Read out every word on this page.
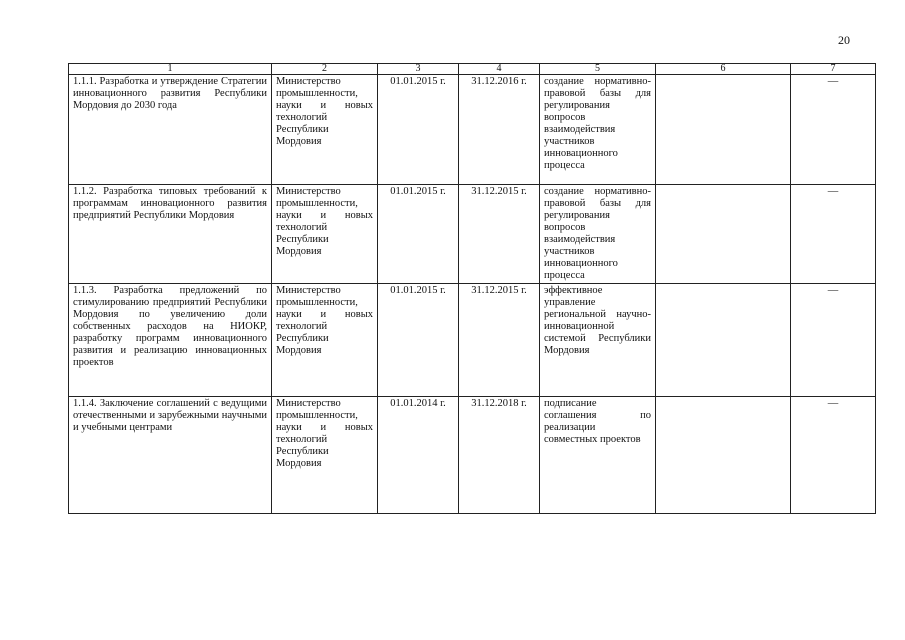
20
1	2	3	4	5	6	7
1.1.1. Разработка и утверждение Стратегии инновационного развития Республики Мордовия до 2030 года	Министерство промышленности, науки и новых технологий Республики Мордовия	01.01.2015 г.	31.12.2016 г.	создание нормативно-правовой базы для регулирования вопросов взаимодействия участников инновационного процесса		—
1.1.2. Разработка типовых требований к программам инновационного развития предприятий Республики Мордовия	Министерство промышленности, науки и новых технологий Республики Мордовия	01.01.2015 г.	31.12.2015 г.	создание нормативно-правовой базы для регулирования вопросов взаимодействия участников инновационного процесса		—
1.1.3. Разработка предложений по стимулированию предприятий Республики Мордовия по увеличению доли собственных расходов на НИОКР, разработку программ инновационного развития и реализацию инновационных проектов	Министерство промышленности, науки и новых технологий Республики Мордовия	01.01.2015 г.	31.12.2015 г.	эффективное управление региональной научно-инновационной системой Республики Мордовия		—
1.1.4. Заключение соглашений с ведущими отечественными и зарубежными научными и учебными центрами	Министерство промышленности, науки и новых технологий Республики Мордовия	01.01.2014 г.	31.12.2018 г.	подписание соглашения по реализации совместных проектов		—
